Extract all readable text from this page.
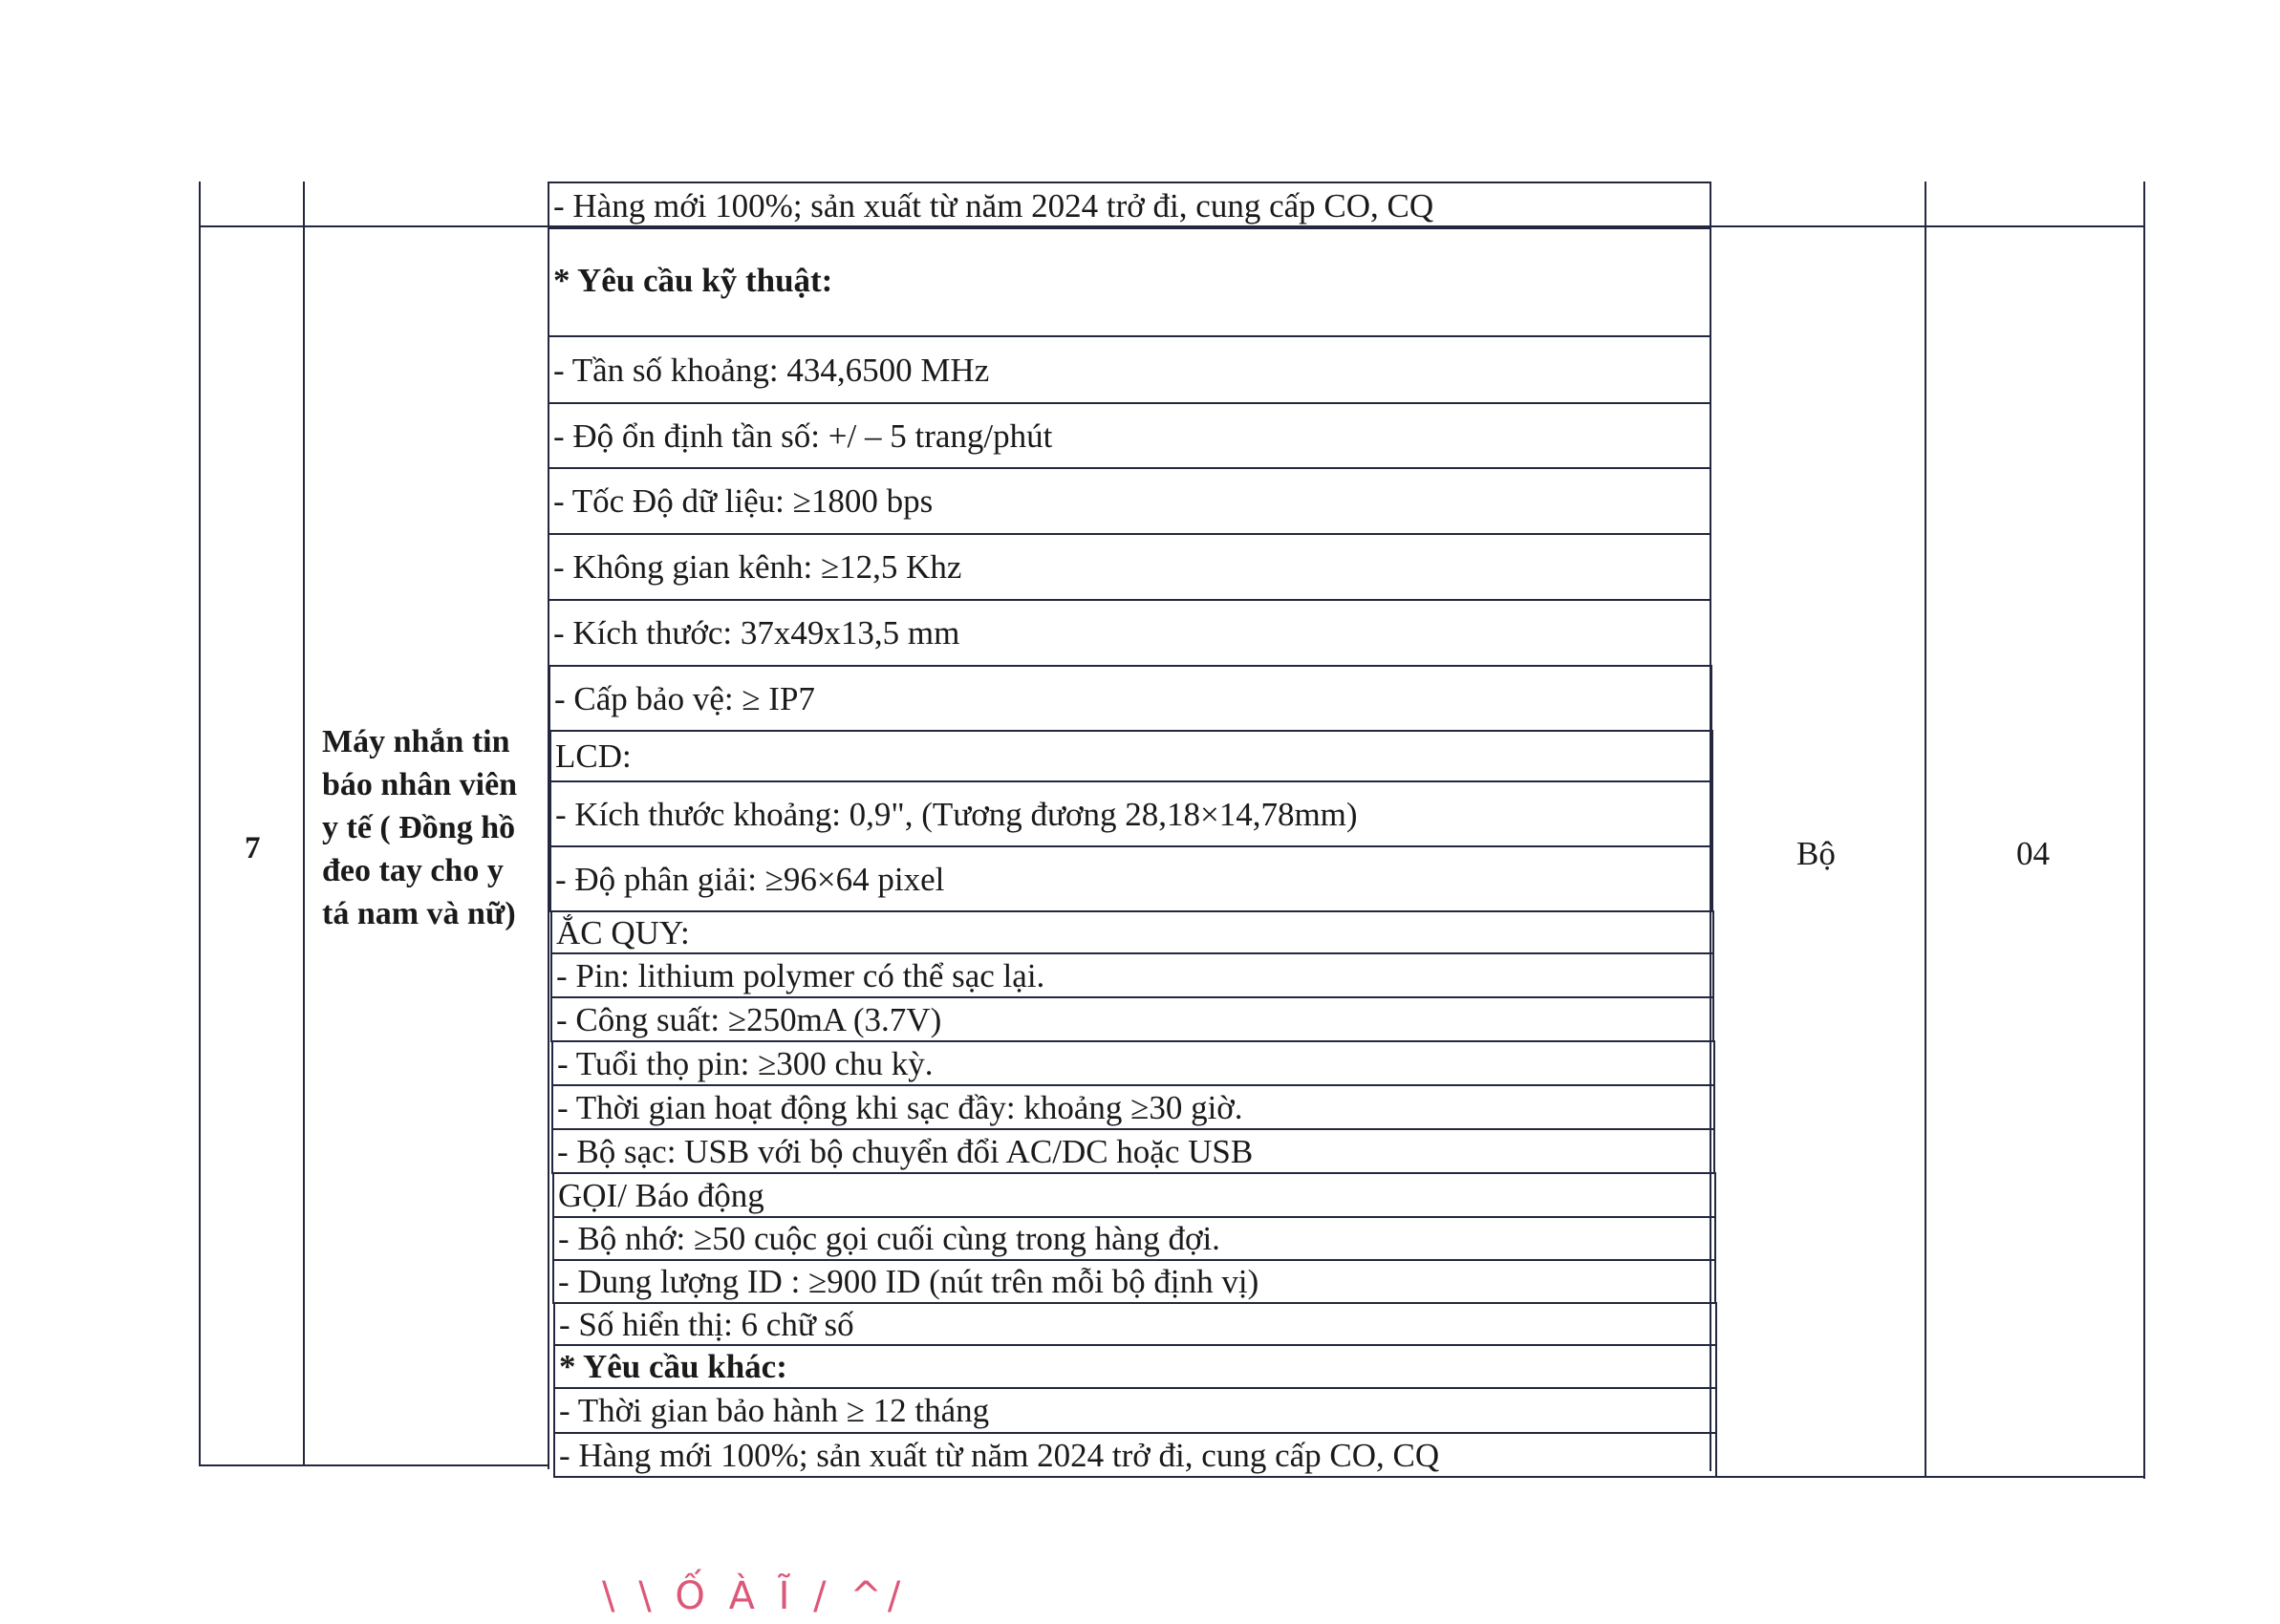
- Hàng mới 100%; sản xuất từ năm 2024 trở đi, cung cấp CO, CQ
7
Máy nhắn tin
báo nhân viên
y tế ( Đồng hồ
đeo tay cho y
tá nam và nữ)
Bộ	04
* Yêu cầu kỹ thuật:
- Tần số khoảng: 434,6500 MHz
- Độ ổn định tần số: +/ – 5 trang/phút
- Tốc Độ dữ liệu: ≥1800 bps
- Không gian kênh: ≥12,5 Khz
- Kích thước: 37x49x13,5 mm
- Cấp bảo vệ: ≥ IP7
LCD:
- Kích thước khoảng: 0,9", (Tương đương 28,18×14,78mm)
- Độ phân giải: ≥96×64 pixel
ẮC QUY:
- Pin: lithium polymer có thể sạc lại.
- Công suất: ≥250mA (3.7V)
- Tuổi thọ pin: ≥300 chu kỳ.
- Thời gian hoạt động khi sạc đầy: khoảng ≥30 giờ.
- Bộ sạc: USB với bộ chuyển đổi AC/DC hoặc USB
GỌI/ Báo động
- Bộ nhớ: ≥50 cuộc gọi cuối cùng trong hàng đợi.
- Dung lượng ID : ≥900 ID (nút trên mỗi bộ định vị)
- Số hiển thị: 6 chữ số
* Yêu cầu khác:
- Thời gian bảo hành ≥ 12 tháng
- Hàng mới 100%; sản xuất từ năm 2024 trở đi, cung cấp CO, CQ
\ \ Ố À Ĩ / ^/
